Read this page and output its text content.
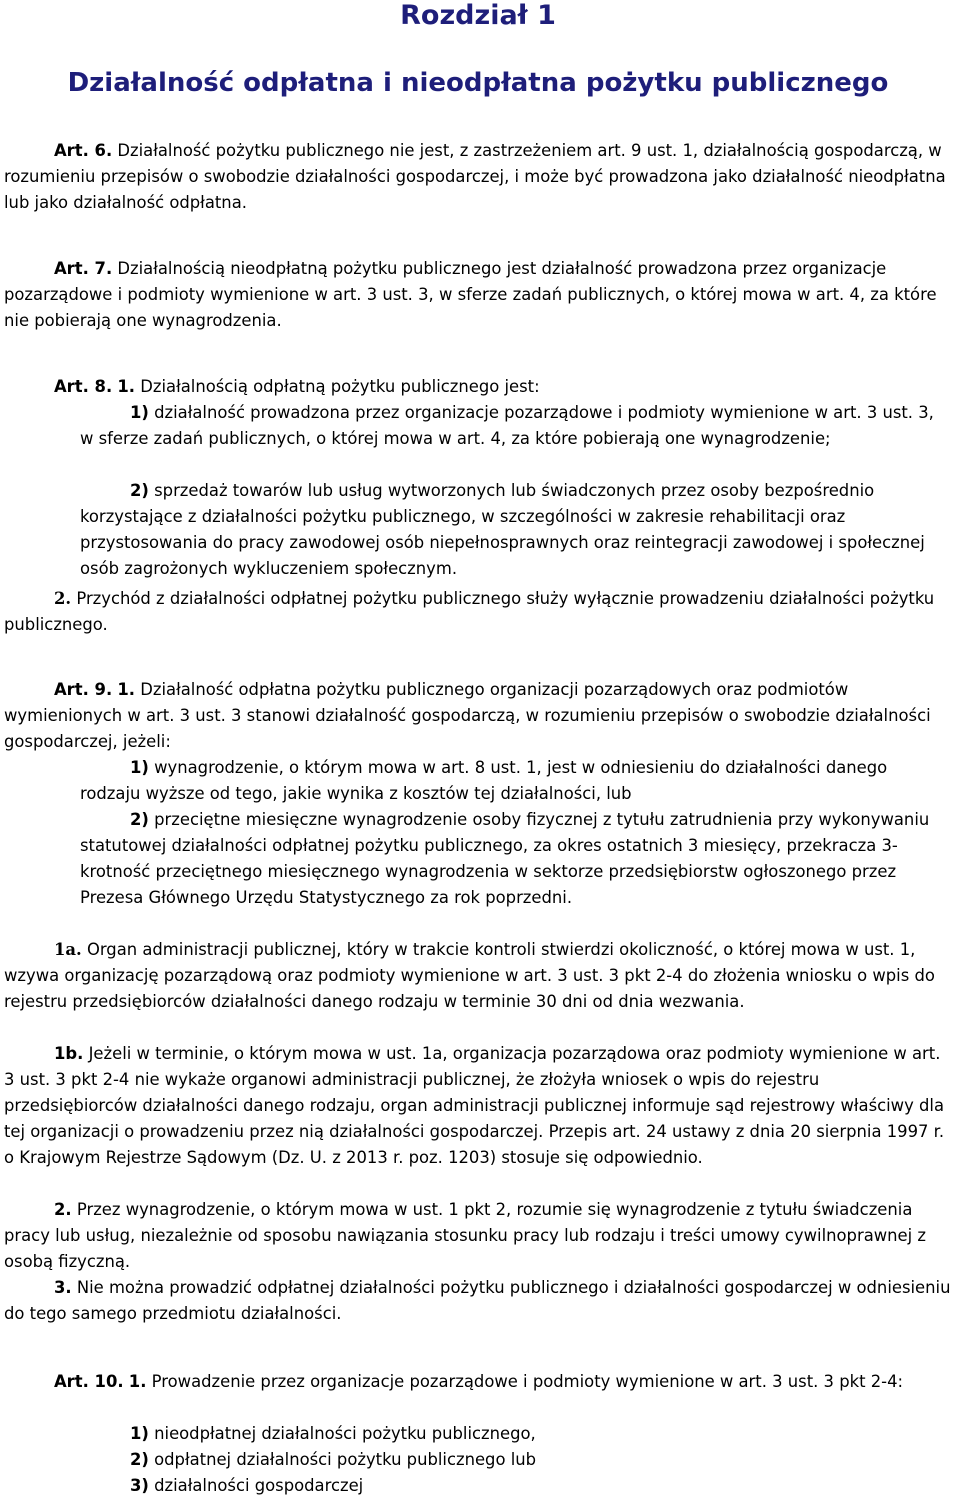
Rozdział 1
Działalność odpłatna i nieodpłatna pożytku publicznego

Art. 6. Działalność pożytku publicznego nie jest, z zastrzeżeniem art. 9 ust. 1, działalnością gospodarczą, w rozumieniu przepisów o swobodzie działalności gospodarczej, i może być prowadzona jako działalność nieodpłatna lub jako działalność odpłatna.

Art. 7. Działalnością nieodpłatną pożytku publicznego jest działalność prowadzona przez organizacje pozarządowe i podmioty wymienione w art. 3 ust. 3, w sferze zadań publicznych, o której mowa w art. 4, za które nie pobierają one wynagrodzenia.

Art. 8. 1. Działalnością odpłatną pożytku publicznego jest:

1) działalność prowadzona przez organizacje pozarządowe i podmioty wymienione w art. 3 ust. 3, w sferze zadań publicznych, o której mowa w art. 4, za które pobierają one wynagrodzenie;

2) sprzedaż towarów lub usług wytworzonych lub świadczonych przez osoby bezpośrednio korzystające z działalności pożytku publicznego, w szczególności w zakresie rehabilitacji oraz przystosowania do pracy zawodowej osób niepełnosprawnych oraz reintegracji zawodowej i społecznej osób zagrożonych wykluczeniem społecznym.

2. Przychód z działalności odpłatnej pożytku publicznego służy wyłącznie prowadzeniu działalności pożytku publicznego.

Art. 9. 1. Działalność odpłatna pożytku publicznego organizacji pozarządowych oraz podmiotów wymienionych w art. 3 ust. 3 stanowi działalność gospodarczą, w rozumieniu przepisów o swobodzie działalności gospodarczej, jeżeli:

1) wynagrodzenie, o którym mowa w art. 8 ust. 1, jest w odniesieniu do działalności danego rodzaju wyższe od tego, jakie wynika z kosztów tej działalności, lub

2) przeciętne miesięczne wynagrodzenie osoby fizycznej z tytułu zatrudnienia przy wykonywaniu statutowej działalności odpłatnej pożytku publicznego, za okres ostatnich 3 miesięcy, przekracza 3-krotność przeciętnego miesięcznego wynagrodzenia w sektorze przedsiębiorstw ogłoszonego przez Prezesa Głównego Urzędu Statystycznego za rok poprzedni.

1a. Organ administracji publicznej, który w trakcie kontroli stwierdzi okoliczność, o której mowa w ust. 1, wzywa organizację pozarządową oraz podmioty wymienione w art. 3 ust. 3 pkt 2-4 do złożenia wniosku o wpis do rejestru przedsiębiorców działalności danego rodzaju w terminie 30 dni od dnia wezwania.

1b. Jeżeli w terminie, o którym mowa w ust. 1a, organizacja pozarządowa oraz podmioty wymienione w art. 3 ust. 3 pkt 2-4 nie wykaże organowi administracji publicznej, że złożyła wniosek o wpis do rejestru przedsiębiorców działalności danego rodzaju, organ administracji publicznej informuje sąd rejestrowy właściwy dla tej organizacji o prowadzeniu przez nią działalności gospodarczej. Przepis art. 24 ustawy z dnia 20 sierpnia 1997 r. o Krajowym Rejestrze Sądowym (Dz. U. z 2013 r. poz. 1203) stosuje się odpowiednio.

2. Przez wynagrodzenie, o którym mowa w ust. 1 pkt 2, rozumie się wynagrodzenie z tytułu świadczenia pracy lub usług, niezależnie od sposobu nawiązania stosunku pracy lub rodzaju i treści umowy cywilnoprawnej z osobą fizyczną.

3. Nie można prowadzić odpłatnej działalności pożytku publicznego i działalności gospodarczej w odniesieniu do tego samego przedmiotu działalności.

Art. 10. 1. Prowadzenie przez organizacje pozarządowe i podmioty wymienione w art. 3 ust. 3 pkt 2-4:

1) nieodpłatnej działalności pożytku publicznego,

2) odpłatnej działalności pożytku publicznego lub

3) działalności gospodarczej
